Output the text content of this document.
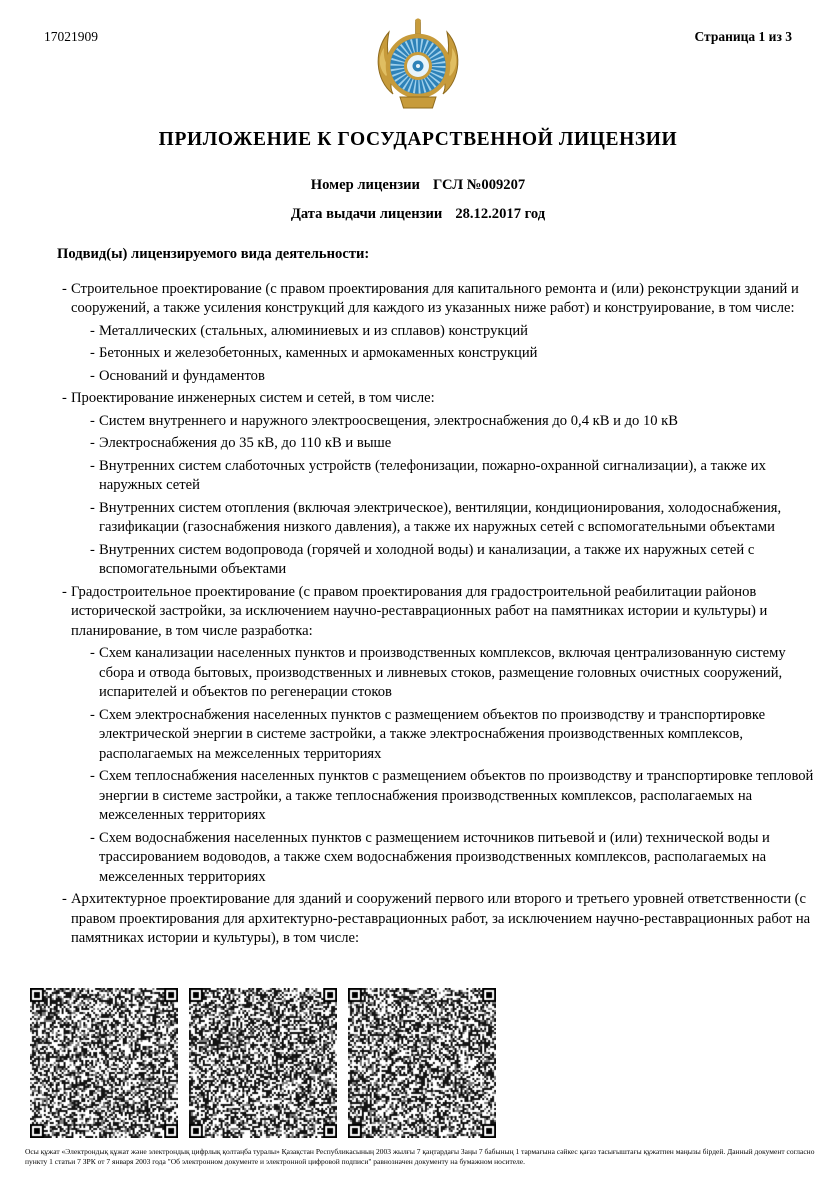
17021909	Страница 1 из 3
ПРИЛОЖЕНИЕ К ГОСУДАРСТВЕННОЙ ЛИЦЕНЗИИ
Номер лицензии ГСЛ №009207
Дата выдачи лицензии 28.12.2017 год
Подвид(ы) лицензируемого вида деятельности:
- Строительное проектирование (с правом проектирования для капитального ремонта и (или) реконструкции зданий и сооружений, а также усиления конструкций для каждого из указанных ниже работ) и конструирование, в том числе:
- Металлических (стальных, алюминиевых и из сплавов) конструкций
- Бетонных и железобетонных, каменных и армокаменных конструкций
- Оснований и фундаментов
- Проектирование инженерных систем и сетей, в том числе:
- Систем внутреннего и наружного электроосвещения, электроснабжения до 0,4 кВ и до 10 кВ
- Электроснабжения до 35 кВ, до 110 кВ и выше
- Внутренних систем слаботочных устройств (телефонизации, пожарно-охранной сигнализации), а также их наружных сетей
- Внутренних систем отопления (включая электрическое), вентиляции, кондиционирования, холодоснабжения, газификации (газоснабжения низкого давления), а также их наружных сетей с вспомогательными объектами
- Внутренних систем водопровода (горячей и холодной воды) и канализации, а также их наружных сетей с вспомогательными объектами
- Градостроительное проектирование (с правом проектирования для градостроительной реабилитации районов исторической застройки, за исключением научно-реставрационных работ на памятниках истории и культуры) и планирование, в том числе разработка:
- Схем канализации населенных пунктов и производственных комплексов, включая централизованную систему сбора и отвода бытовых, производственных и ливневых стоков, размещение головных очистных сооружений, испарителей и объектов по регенерации стоков
- Схем электроснабжения населенных пунктов с размещением объектов по производству и транспортировке электрической энергии в системе застройки, а также электроснабжения производственных комплексов, располагаемых на межселенных территориях
- Схем теплоснабжения населенных пунктов с размещением объектов по производству и транспортировке тепловой энергии в системе застройки, а также теплоснабжения производственных комплексов, располагаемых на межселенных территориях
- Схем водоснабжения населенных пунктов с размещением источников питьевой и (или) технической воды и трассированием водоводов, а также схем водоснабжения производственных комплексов, располагаемых на межселенных территориях
- Архитектурное проектирование для зданий и сооружений первого или второго и третьего уровней ответственности (с правом проектирования для архитектурно-реставрационных работ, за исключением научно-реставрационных работ на памятниках истории и культуры), в том числе:
Осы құжат «Электрондық құжат және электрондық цифрлық қолтаңба туралы» Қазақстан Республикасының 2003 жылғы 7 қаңтардағы Заңы 7 бабының 1 тармағына сәйкес қағаз тасығыштағы құжатпен маңызы бірдей. Данный документ согласно пункту 1 статьи 7 ЗРК от 7 января 2003 года "Об электронном документе и электронной цифровой подписи" равнозначен документу на бумажном носителе.
